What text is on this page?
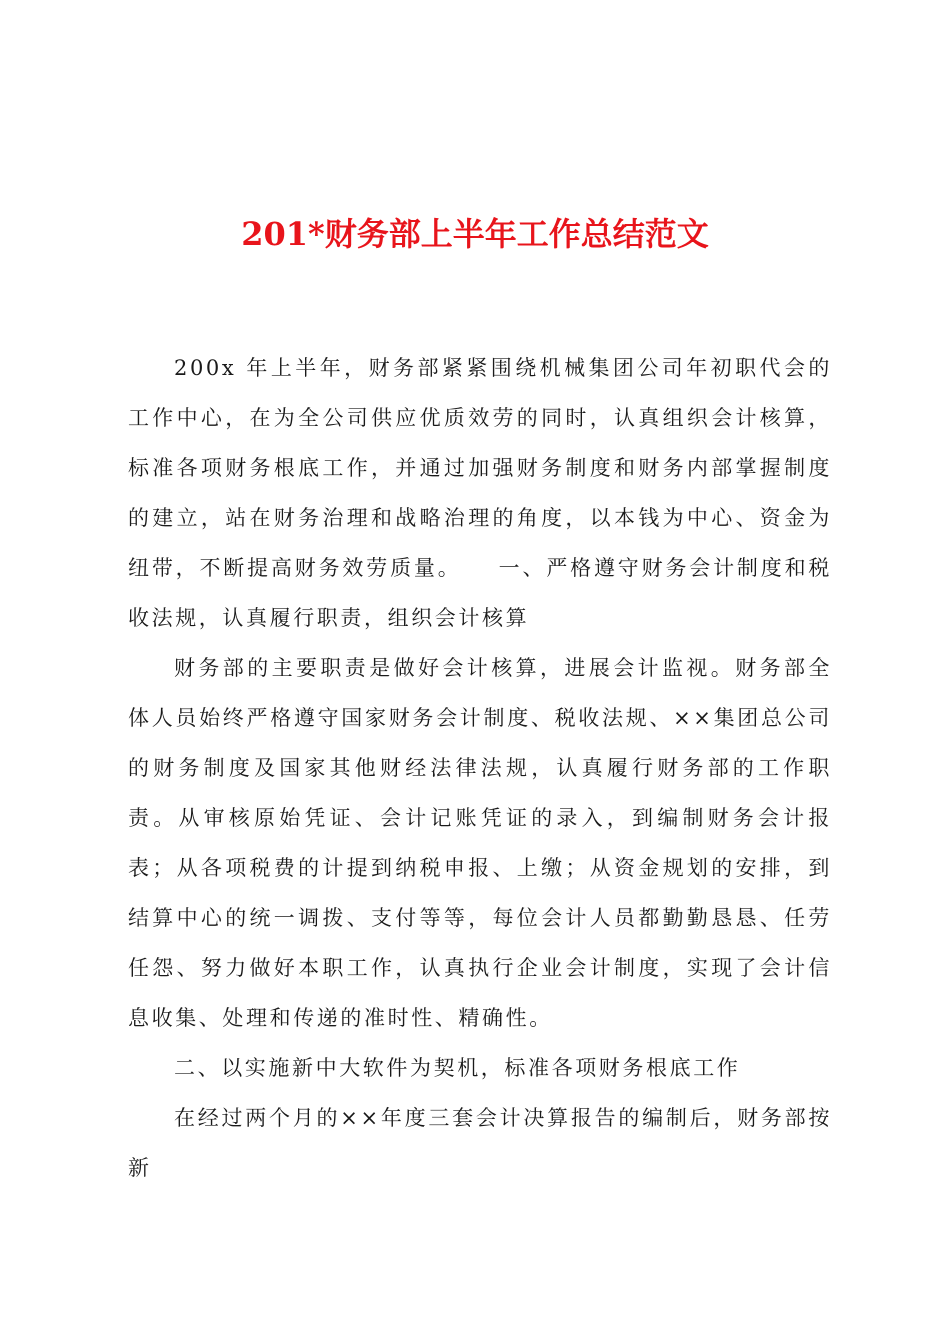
201*财务部上半年工作总结范文

200x 年上半年，财务部紧紧围绕机械集团公司年初职代会的工作中心，在为全公司供应优质效劳的同时，认真组织会计核算，标准各项财务根底工作，并通过加强财务制度和财务内部掌握制度的建立，站在财务治理和战略治理的角度，以本钱为中心、资金为纽带，不断提高财务效劳质量。　　一、严格遵守财务会计制度和税收法规，认真履行职责，组织会计核算

财务部的主要职责是做好会计核算，进展会计监视。财务部全体人员始终严格遵守国家财务会计制度、税收法规、××集团总公司的财务制度及国家其他财经法律法规，认真履行财务部的工作职责。从审核原始凭证、会计记账凭证的录入，到编制财务会计报表；从各项税费的计提到纳税申报、上缴；从资金规划的安排，到结算中心的统一调拨、支付等等，每位会计人员都勤勤恳恳、任劳任怨、努力做好本职工作，认真执行企业会计制度，实现了会计信息收集、处理和传递的准时性、精确性。

二、以实施新中大软件为契机，标准各项财务根底工作

在经过两个月的××年度三套会计决算报告的编制后，财务部按新
